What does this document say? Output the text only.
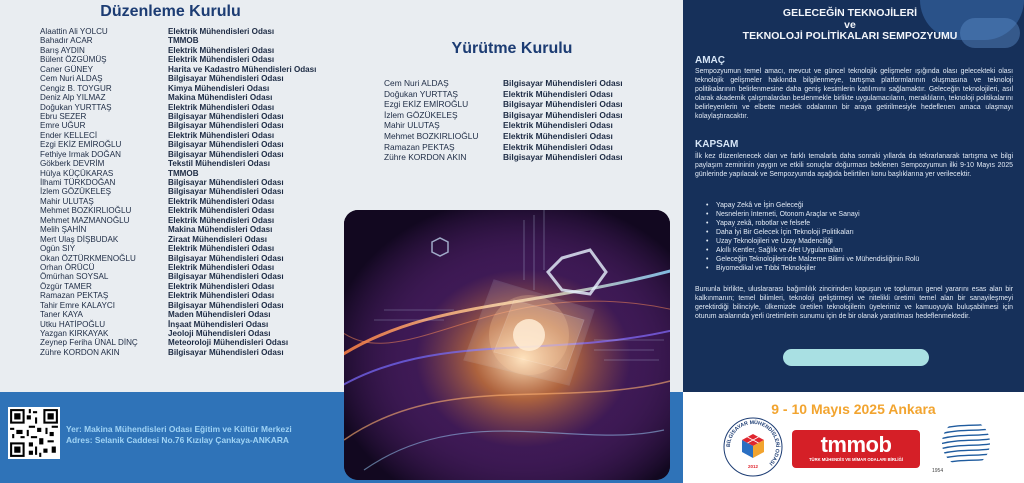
Düzenleme Kurulu
Alaattin Ali YOLCU	Elektrik Mühendisleri Odası
Bahadır ACAR	TMMOB
Barış AYDIN	Elektrik Mühendisleri Odası
Bülent ÖZGÜMÜŞ	Elektrik Mühendisleri Odası
Caner GÜNEY	Harita ve Kadastro Mühendisleri Odası
Cem Nuri ALDAŞ	Bilgisayar Mühendisleri Odası
Cengiz B. TOYGUR	Kimya Mühendisleri Odası
Deniz Alp YILMAZ	Makina Mühendisleri Odası
Doğukan YURTTAŞ	Elektrik Mühendisleri Odası
Ebru SEZER	Bilgisayar Mühendisleri Odası
Emre UĞUR	Bilgisayar Mühendisleri Odası
Ender KELLECİ	Elektrik Mühendisleri Odası
Ezgi EKİZ EMİROĞLU	Bilgisayar Mühendisleri Odası
Fethiye Irmak DOĞAN	Bilgisayar Mühendisleri Odası
Gökberk DEVRİM	Tekstil Mühendisleri Odası
Hülya KÜÇÜKARAS	TMMOB
İlhami TÜRKDOĞAN	Bilgisayar Mühendisleri Odası
İzlem GÖZÜKELEŞ	Bilgisayar Mühendisleri Odası
Mahir ULUTAŞ	Elektrik Mühendisleri Odası
Mehmet BOZKIRLIOĞLU	Elektrik Mühendisleri Odası
Mehmet MAZMANOĞLU	Elektrik Mühendisleri Odası
Melih ŞAHİN	Makina Mühendisleri Odası
Mert Ulaş DİŞBUDAK	Ziraat Mühendisleri Odası
Ogün SIY	Elektrik Mühendisleri Odası
Okan ÖZTÜRKMENOĞLU	Bilgisayar Mühendisleri Odası
Orhan ÖRÜCÜ	Elektrik Mühendisleri Odası
Ömürhan SOYSAL	Bilgisayar Mühendisleri Odası
Özgür TAMER	Elektrik Mühendisleri Odası
Ramazan PEKTAŞ	Elektrik Mühendisleri Odası
Tahir Emre KALAYCI	Bilgisayar Mühendisleri Odası
Taner KAYA	Maden Mühendisleri Odası
Utku HATİPOĞLU	İnşaat Mühendisleri Odası
Yazgan KIRKAYAK	Jeoloji Mühendisleri Odası
Zeynep Feriha ÜNAL DİNÇ	Meteoroloji Mühendisleri Odası
Zühre KORDON AKIN	Bilgisayar Mühendisleri Odası
Yer: Makina Mühendisleri Odası Eğitim ve Kültür Merkezi
Adres: Selanik Caddesi No.76 Kızılay Çankaya-ANKARA
Yürütme Kurulu
Cem Nuri ALDAŞ	Bilgisayar Mühendisleri Odası
Doğukan YURTTAŞ	Elektrik Mühendisleri Odası
Ezgi EKİZ EMİROĞLU	Bilgisayar Mühendisleri Odası
İzlem GÖZÜKELEŞ	Bilgisayar Mühendisleri Odası
Mahir ULUTAŞ	Elektrik Mühendisleri Odası
Mehmet BOZKIRLIOĞLU	Elektrik Mühendisleri Odası
Ramazan PEKTAŞ	Elektrik Mühendisleri Odası
Zühre KORDON AKIN	Bilgisayar Mühendisleri Odası
GELECEĞİN TEKNOJİLERİ
ve
TEKNOLOJİ POLİTİKALARI SEMPOZYUMU
AMAÇ
Sempozyumun temel amacı, mevcut ve güncel teknolojik gelişmeler ışığında olası gelecekteki olası teknolojik gelişmeler hakkında bilgilenmeye, tartışma platformlarının oluşmasına ve teknoloji politikalarının belirlenmesine daha geniş kesimlerin katılımını sağlamaktır. Geleceğin teknolojileri, asıl olarak akademik çalışmalardan beslenmekle birlikte uygulamacıların, meraklıların, teknoloji politikalarını belirleyenlerin ve elbette meslek odalarının bir araya getirilmesiyle hedeflenen amaca ulaşmayı kolaylaştıracaktır.
KAPSAM
İlk kez düzenlenecek olan ve farklı temalarla daha sonraki yıllarda da tekrarlanarak tartışma ve bilgi paylaşım zemininin yaygın ve etkili sonuçlar doğurması beklenen Sempozyumun ilki 9-10 Mayıs 2025 günlerinde yapılacak ve Sempozyumda aşağıda belirtilen konu başlıklarına yer verilecektir.
•	Yapay Zekâ ve İşin Geleceği
•	Nesnelerin İnterneti, Otonom Araçlar ve Sanayi
•	Yapay zekâ, robotlar ve felsefe
•	Daha İyi Bir Gelecek İçin Teknoloji Politikaları
•	Uzay Teknolojileri ve Uzay Madenciliği
•	Akıllı Kentler, Sağlık ve Afet Uygulamaları
•	Geleceğin Teknolojilerinde Malzeme Bilimi ve Mühendisliğinin Rolü
•	Biyomedikal ve Tıbbi Teknolojiler
Bununla birlikte, uluslararası bağımlılık zincirinden kopuşun ve toplumun genel yararını esas alan bir kalkınmanın; temel bilimleri, teknoloji geliştirmeyi ve nitelikli üretimi temel alan bir sanayileşmeyi gerektirdiği bilinciyle, ülkemizde üretilen teknolojilerin üyelerimiz ve kamuoyuyla buluşabilmesi için oturum aralarında yerli üretimlerin sunumu için de bir olanak yaratılması hedeflenmektedir.
9 - 10 Mayıs 2025 Ankara
BİLGİSAYAR MÜHENDİSLERİ ODASI
2012
tmmob
TÜRK MÜHENDİS VE MİMAR ODALARI BİRLİĞİ
1954
